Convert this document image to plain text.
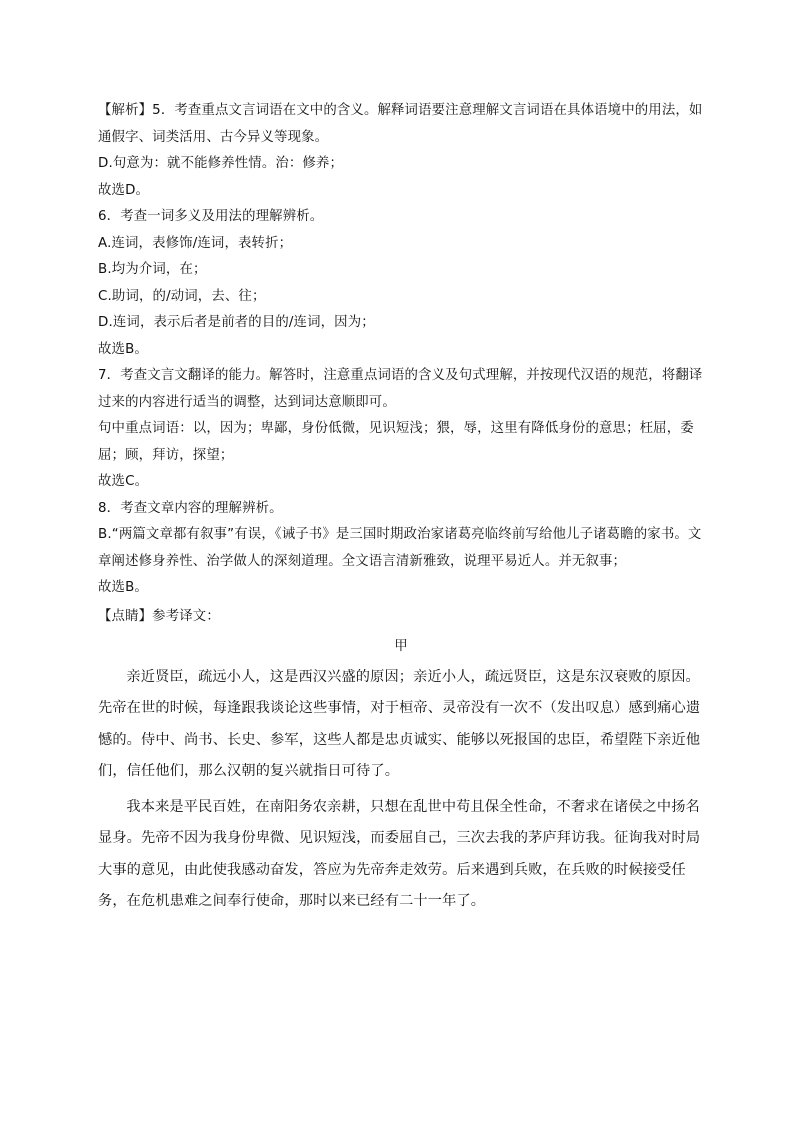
【解析】5．考查重点文言词语在文中的含义。解释词语要注意理解文言词语在具体语境中的用法，如通假字、词类活用、古今异义等现象。

D.句意为：就不能修养性情。治：修养；

故选D。

6．考查一词多义及用法的理解辨析。

A.连词，表修饰/连词，表转折；

B.均为介词，在；

C.助词，的/动词，去、往；

D.连词，表示后者是前者的目的/连词，因为；

故选B。

7．考查文言文翻译的能力。解答时，注意重点词语的含义及句式理解，并按现代汉语的规范，将翻译过来的内容进行适当的调整，达到词达意顺即可。

句中重点词语：以，因为；卑鄙，身份低微，见识短浅；猥，辱，这里有降低身份的意思；枉屈，委屈；顾，拜访，探望；

故选C。

8．考查文章内容的理解辨析。

B.“两篇文章都有叙事”有误，《诫子书》是三国时期政治家诸葛亮临终前写给他儿子诸葛瞻的家书。文章阐述修身养性、治学做人的深刻道理。全文语言清新雅致，说理平易近人。并无叙事；

故选B。

【点睛】参考译文：

甲

亲近贤臣，疏远小人，这是西汉兴盛的原因；亲近小人，疏远贤臣，这是东汉衰败的原因。先帝在世的时候，每逢跟我谈论这些事情，对于桓帝、灵帝没有一次不（发出叹息）感到痛心遗憾的。侍中、尚书、长史、参军，这些人都是忠贞诚实、能够以死报国的忠臣，希望陛下亲近他们，信任他们，那么汉朝的复兴就指日可待了。

我本来是平民百姓，在南阳务农亲耕，只想在乱世中苟且保全性命，不奢求在诸侯之中扬名显身。先帝不因为我身份卑微、见识短浅，而委屈自己，三次去我的茅庐拜访我。征询我对时局大事的意见，由此使我感动奋发，答应为先帝奔走效劳。后来遇到兵败，在兵败的时候接受任务，在危机患难之间奉行使命，那时以来已经有二十一年了。
